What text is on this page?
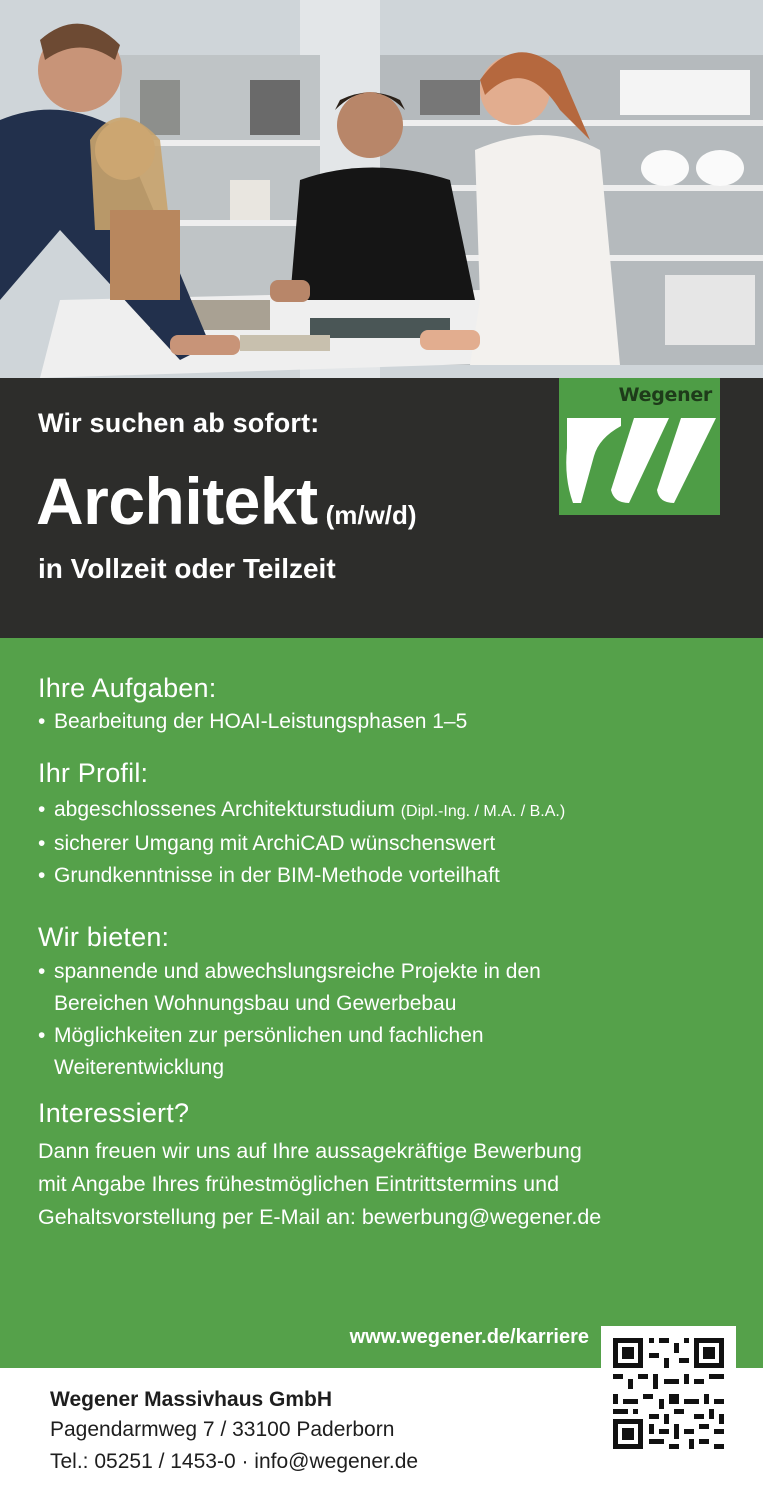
Wir suchen ab sofort:
Architekt (m/w/d)
in Vollzeit oder Teilzeit
Wegener
Ihre Aufgaben:
• Bearbeitung der HOAI-Leistungsphasen 1–5
Ihr Profil:
• abgeschlossenes Architekturstudium (Dipl.-Ing. / M.A. / B.A.)
• sicherer Umgang mit ArchiCAD wünschenswert
• Grundkenntnisse in der BIM-Methode vorteilhaft
Wir bieten:
• spannende und abwechslungsreiche Projekte in den
Bereichen Wohnungsbau und Gewerbebau
• Möglichkeiten zur persönlichen und fachlichen
Weiterentwicklung
Interessiert?
Dann freuen wir uns auf Ihre aussagekräftige Bewerbung
mit Angabe Ihres frühestmöglichen Eintrittstermins und
Gehaltsvorstellung per E-Mail an: bewerbung@wegener.de
www.wegener.de/karriere
Wegener Massivhaus GmbH
Pagendarmweg 7 / 33100 Paderborn
Tel.: 05251 / 1453-0 · info@wegener.de
